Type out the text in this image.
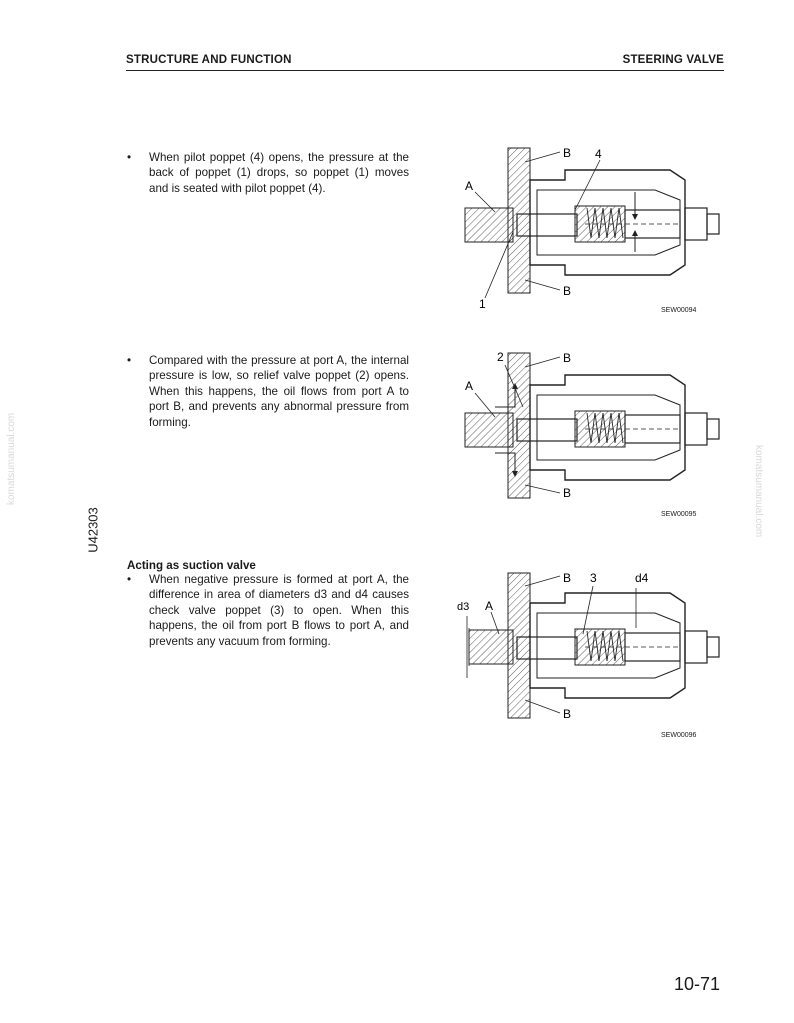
STRUCTURE AND FUNCTION	STEERING VALVE
komatsumanual.com	komatsumanual.com
U42303
• When pilot poppet (4) opens, the pressure at the back of poppet (1) drops, so poppet (1) moves and is seated with pilot poppet (4).
• Compared with the pressure at port A, the internal pressure is low, so relief valve poppet (2) opens. When this happens, the oil flows from port A to port B, and prevents any abnormal pressure from forming.
Acting as suction valve
• When negative pressure is formed at port A, the difference in area of diameters d3 and d4 causes check valve poppet (3) to open. When this happens, the oil from port B flows to port A, and prevents any vacuum from forming.
B 4
A
B
1	SEW00094
B
2
A
B
SEW00095
B 3	d4
d3 A
B
SEW00096
10-71
